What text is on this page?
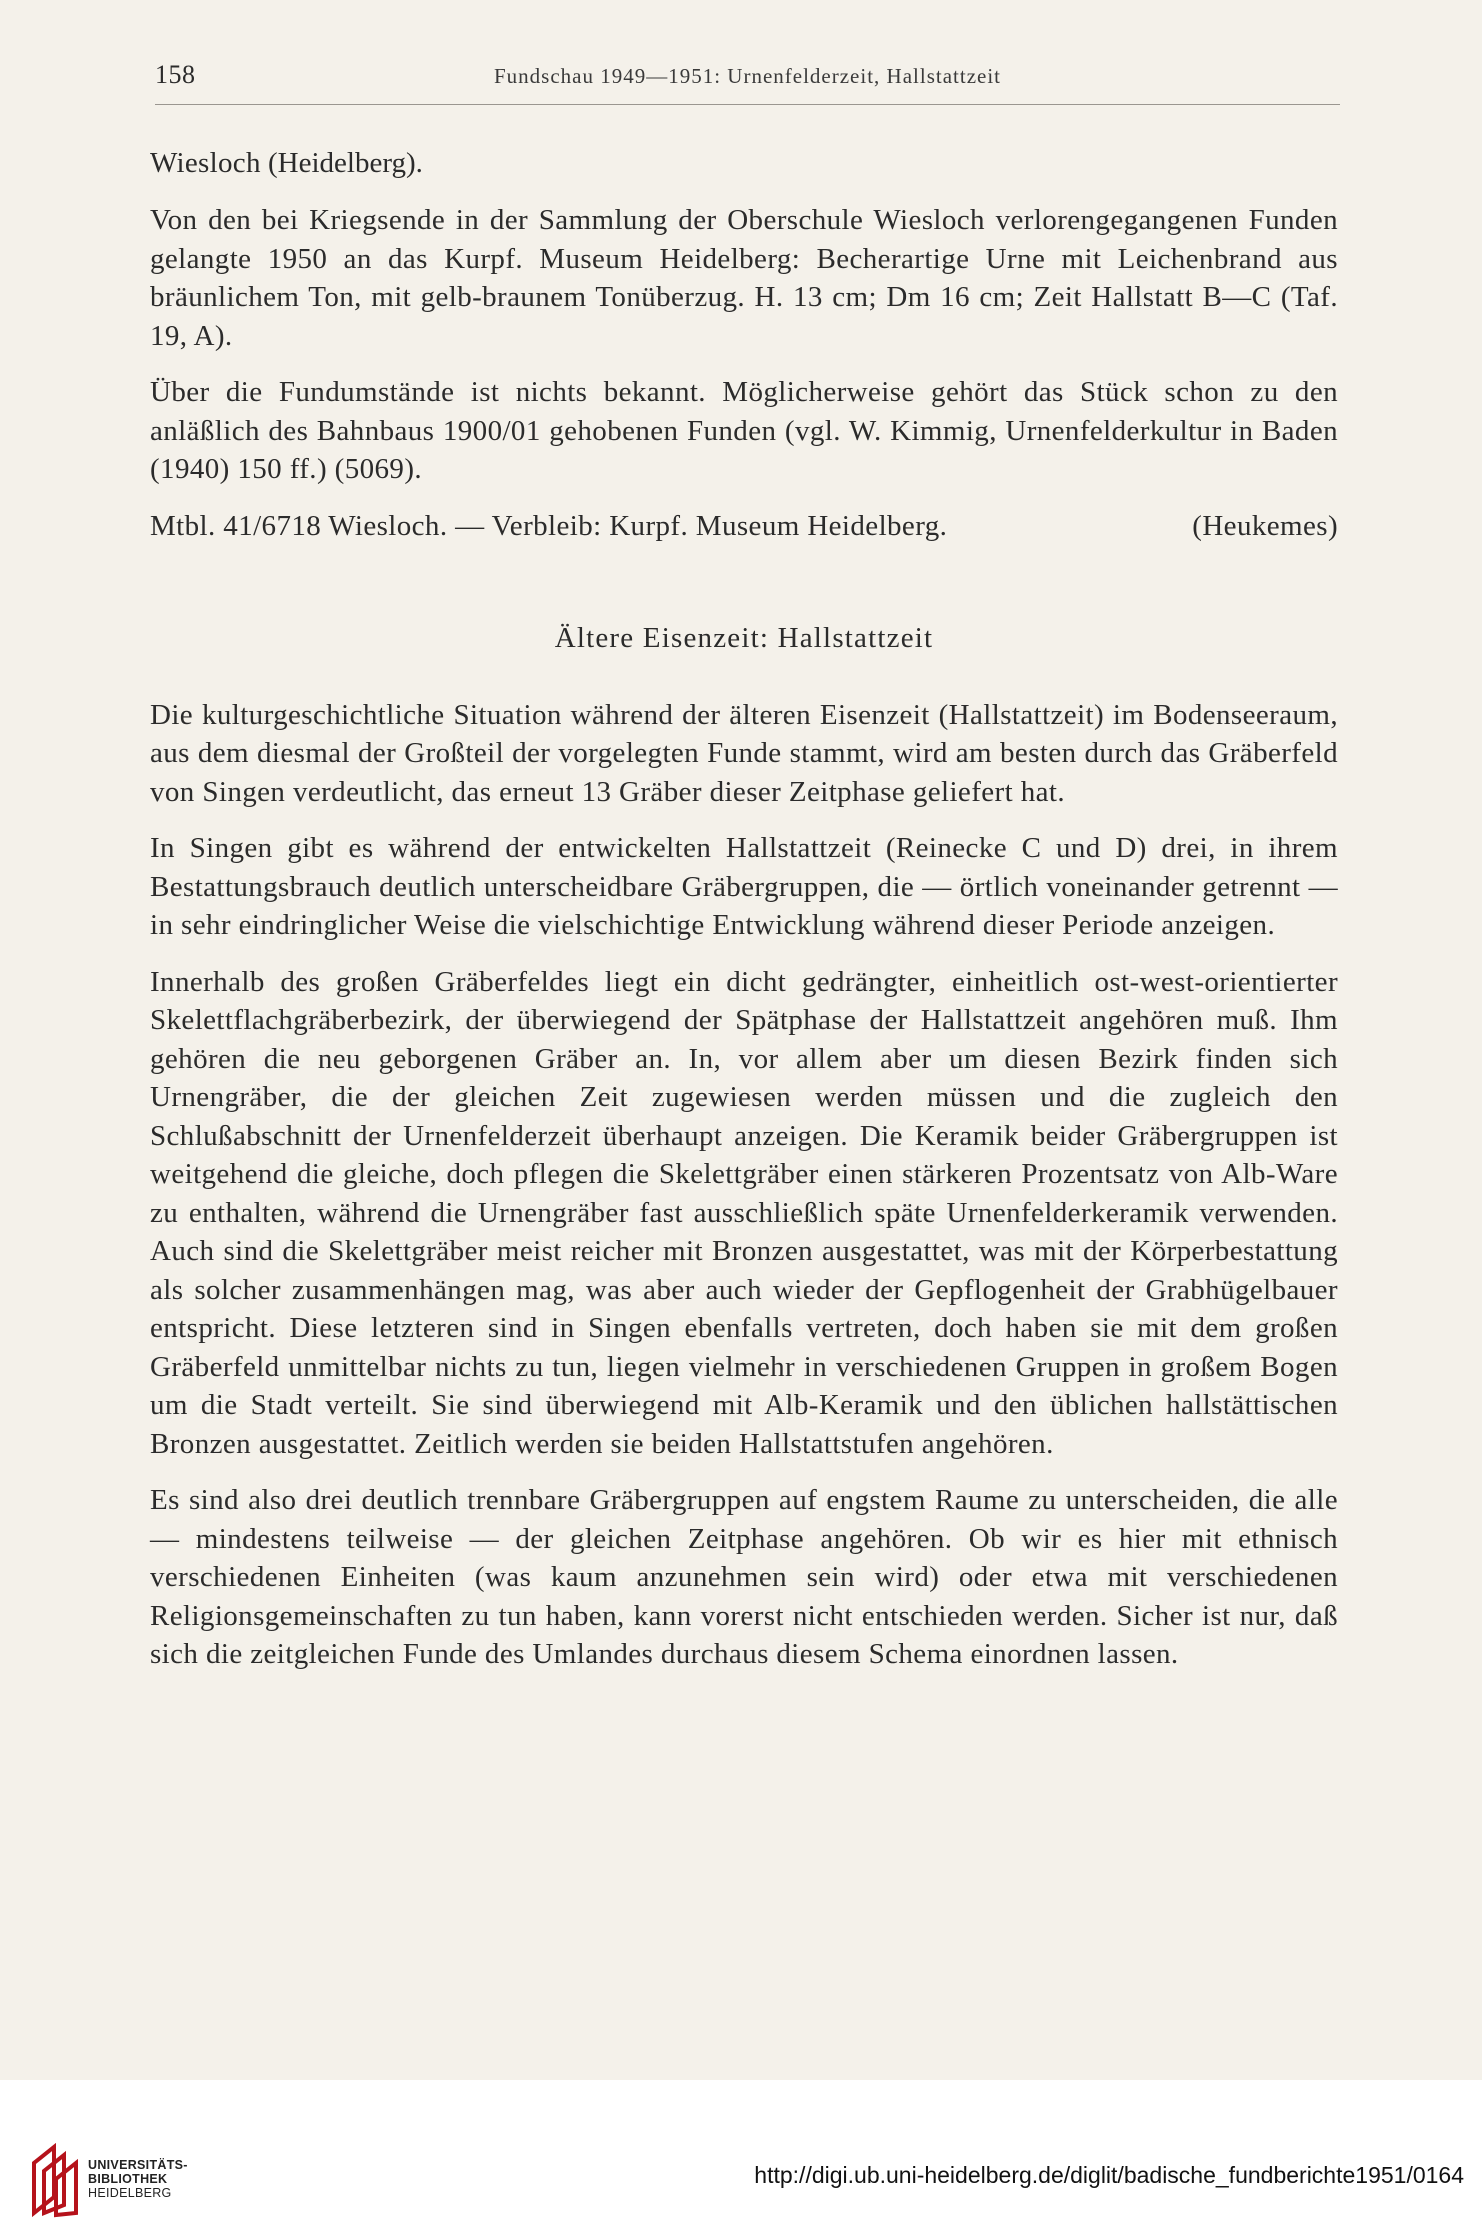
158	Fundschau 1949—1951: Urnenfelderzeit, Hallstattzeit
Wiesloch (Heidelberg).

Von den bei Kriegsende in der Sammlung der Oberschule Wiesloch verlorengegangenen Funden gelangte 1950 an das Kurpf. Museum Heidelberg: Becherartige Urne mit Leichenbrand aus bräunlichem Ton, mit gelb-braunem Tonüberzug. H. 13 cm; Dm 16 cm; Zeit Hallstatt B—C (Taf. 19, A).

Über die Fundumstände ist nichts bekannt. Möglicherweise gehört das Stück schon zu den anläßlich des Bahnbaus 1900/01 gehobenen Funden (vgl. W. Kimmig, Urnenfelderkultur in Baden (1940) 150 ff.) (5069).

Mtbl. 41/6718 Wiesloch. — Verbleib: Kurpf. Museum Heidelberg.	(Heukemes)
Ältere Eisenzeit: Hallstattzeit

Die kulturgeschichtliche Situation während der älteren Eisenzeit (Hallstattzeit) im Bodenseeraum, aus dem diesmal der Großteil der vorgelegten Funde stammt, wird am besten durch das Gräberfeld von Singen verdeutlicht, das erneut 13 Gräber dieser Zeitphase geliefert hat.

In Singen gibt es während der entwickelten Hallstattzeit (Reinecke C und D) drei, in ihrem Bestattungsbrauch deutlich unterscheidbare Gräbergruppen, die — örtlich voneinander getrennt — in sehr eindringlicher Weise die vielschichtige Entwicklung während dieser Periode anzeigen.

Innerhalb des großen Gräberfeldes liegt ein dicht gedrängter, einheitlich ost-west-orientierter Skelettflachgräberbezirk, der überwiegend der Spätphase der Hallstattzeit angehören muß. Ihm gehören die neu geborgenen Gräber an. In, vor allem aber um diesen Bezirk finden sich Urnengräber, die der gleichen Zeit zugewiesen werden müssen und die zugleich den Schlußabschnitt der Urnenfelderzeit überhaupt anzeigen. Die Keramik beider Gräbergruppen ist weitgehend die gleiche, doch pflegen die Skelettgräber einen stärkeren Prozentsatz von Alb-Ware zu enthalten, während die Urnengräber fast ausschließlich späte Urnenfelderkeramik verwenden. Auch sind die Skelettgräber meist reicher mit Bronzen ausgestattet, was mit der Körperbestattung als solcher zusammenhängen mag, was aber auch wieder der Gepflogenheit der Grabhügelbauer entspricht. Diese letzteren sind in Singen ebenfalls vertreten, doch haben sie mit dem großen Gräberfeld unmittelbar nichts zu tun, liegen vielmehr in verschiedenen Gruppen in großem Bogen um die Stadt verteilt. Sie sind überwiegend mit Alb-Keramik und den üblichen hallstättischen Bronzen ausgestattet. Zeitlich werden sie beiden Hallstattstufen angehören.

Es sind also drei deutlich trennbare Gräbergruppen auf engstem Raume zu unterscheiden, die alle — mindestens teilweise — der gleichen Zeitphase angehören. Ob wir es hier mit ethnisch verschiedenen Einheiten (was kaum anzunehmen sein wird) oder etwa mit verschiedenen Religionsgemeinschaften zu tun haben, kann vorerst nicht entschieden werden. Sicher ist nur, daß sich die zeitgleichen Funde des Umlandes durchaus diesem Schema einordnen lassen.

UNIVERSITÄTS-
BIBLIOTHEK
HEIDELBERG
http://digi.ub.uni-heidelberg.de/diglit/badische_fundberichte1951/0164
